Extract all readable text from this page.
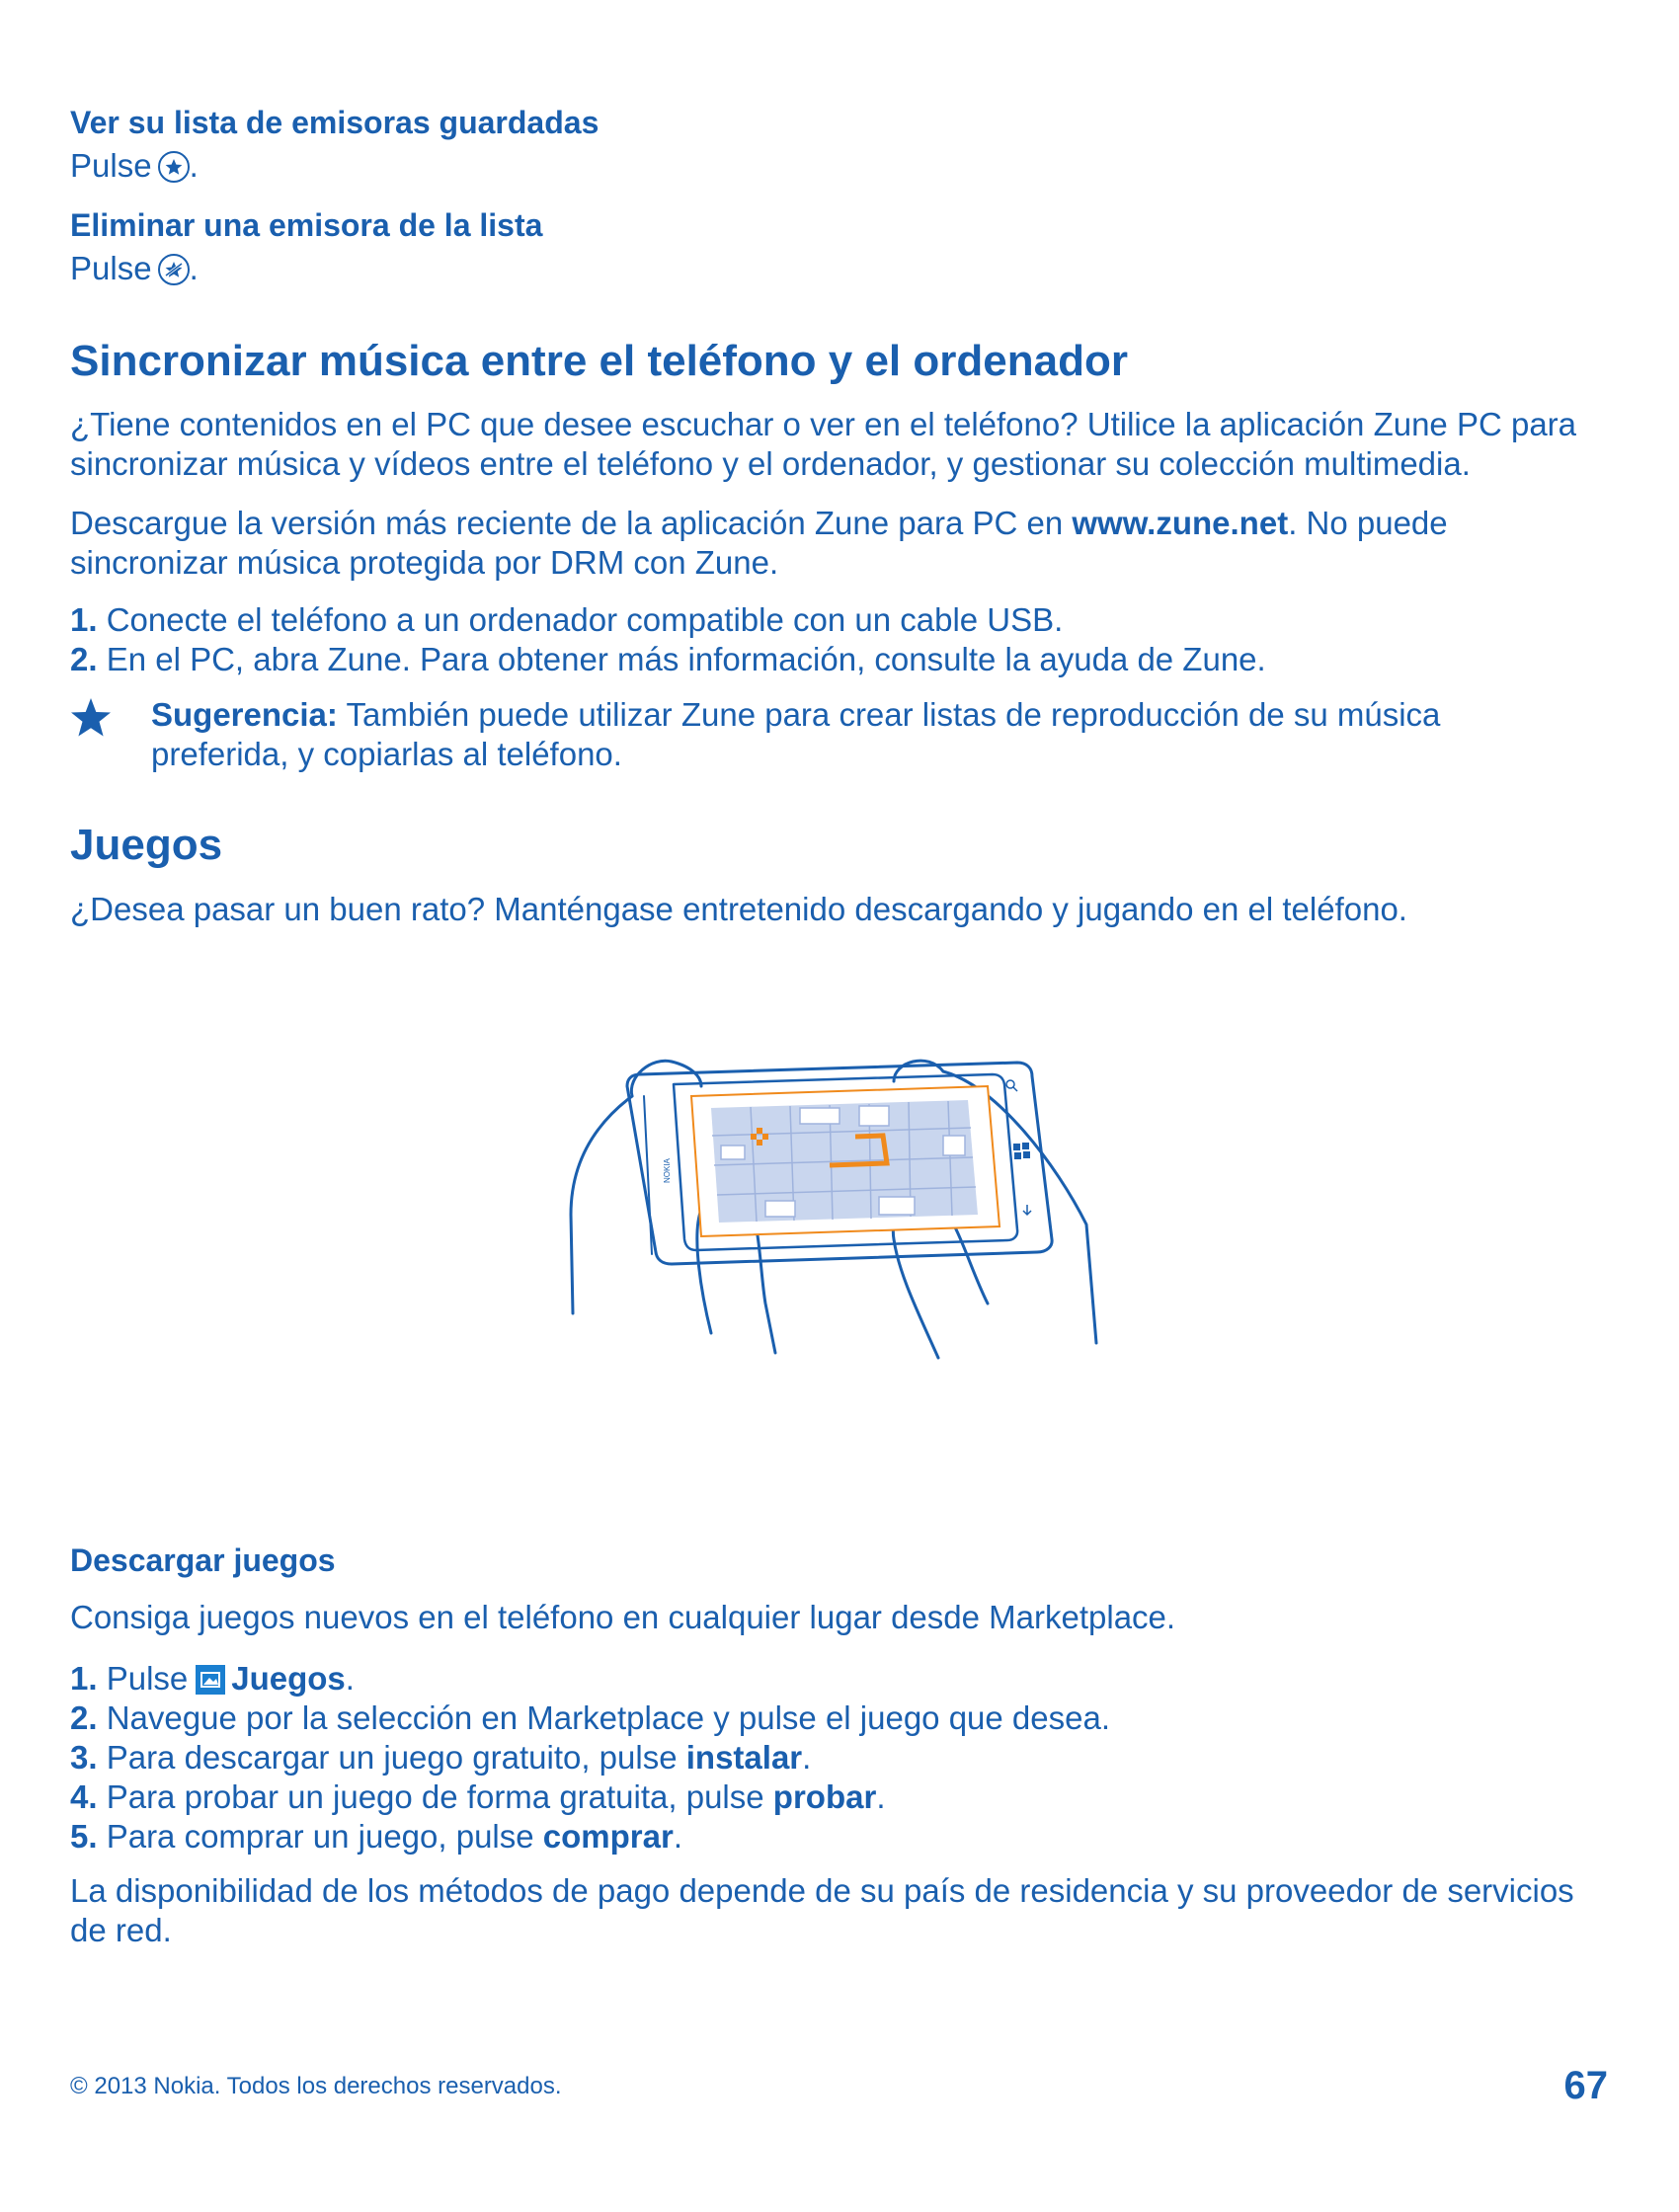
Ver su lista de emisoras guardadas
Pulse .
Eliminar una emisora de la lista
Pulse .
Sincronizar música entre el teléfono y el ordenador
¿Tiene contenidos en el PC que desee escuchar o ver en el teléfono? Utilice la aplicación Zune PC para sincronizar música y vídeos entre el teléfono y el ordenador, y gestionar su colección multimedia.
Descargue la versión más reciente de la aplicación Zune para PC en www.zune.net. No puede sincronizar música protegida por DRM con Zune.
1. Conecte el teléfono a un ordenador compatible con un cable USB.
2. En el PC, abra Zune. Para obtener más información, consulte la ayuda de Zune.
Sugerencia: También puede utilizar Zune para crear listas de reproducción de su música preferida, y copiarlas al teléfono.
Juegos
¿Desea pasar un buen rato? Manténgase entretenido descargando y jugando en el teléfono.
NOKIA
Descargar juegos
Consiga juegos nuevos en el teléfono en cualquier lugar desde Marketplace.
1. Pulse Juegos.
2. Navegue por la selección en Marketplace y pulse el juego que desea.
3. Para descargar un juego gratuito, pulse instalar.
4. Para probar un juego de forma gratuita, pulse probar.
5. Para comprar un juego, pulse comprar.
La disponibilidad de los métodos de pago depende de su país de residencia y su proveedor de servicios de red.
© 2013 Nokia. Todos los derechos reservados.	67
